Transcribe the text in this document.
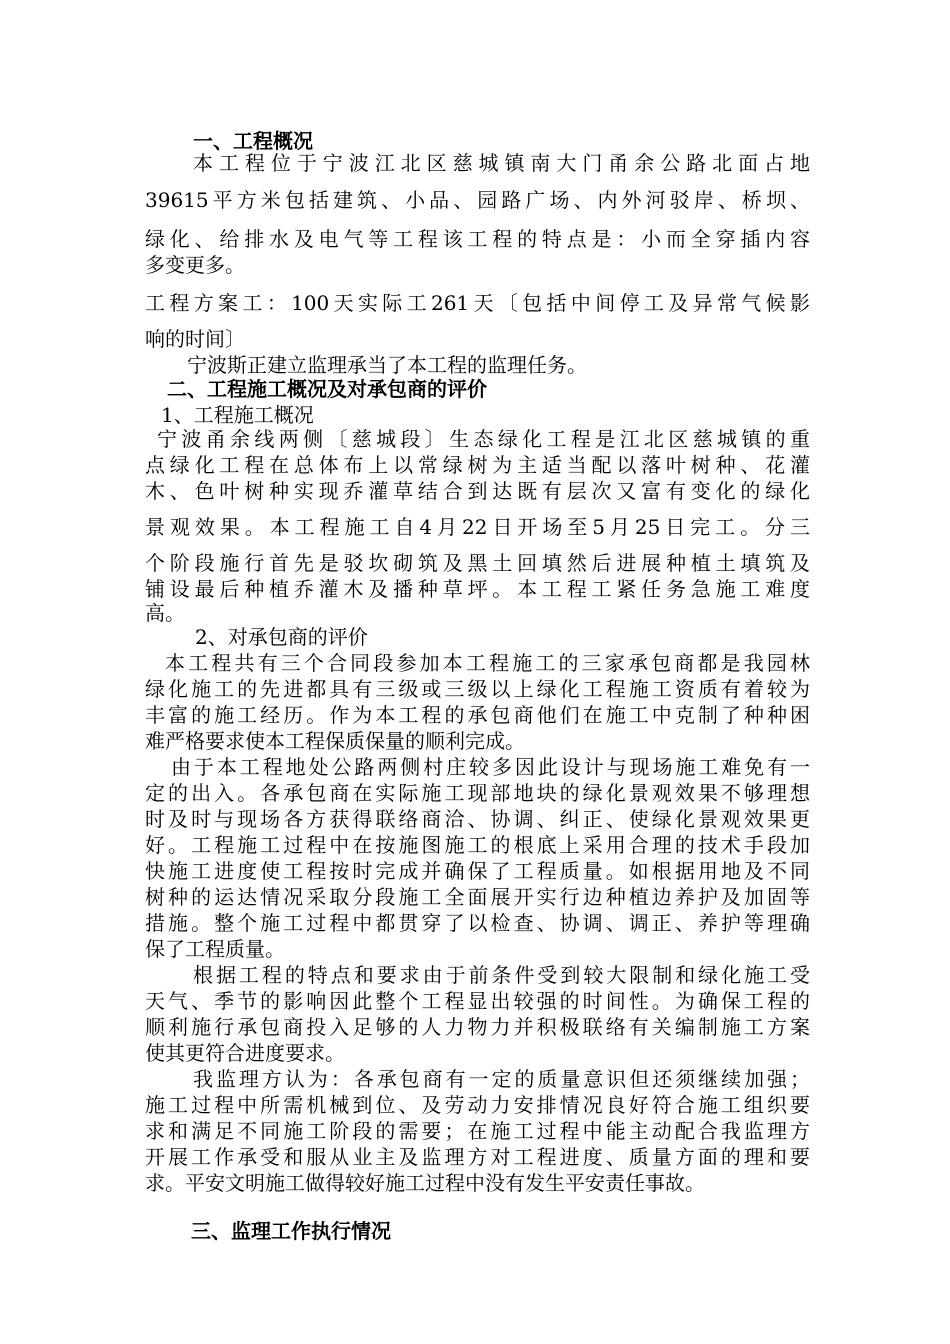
一、工程概况
本工程位于宁波江北区慈城镇南大门甬余公路北面占地
39615平方米包括建筑、小品、园路广场、内外河驳岸、桥坝、
绿化、给排水及电气等工程该工程的特点是：小而全穿插内容
多变更多。
工程方案工：100天实际工261天〔包括中间停工及异常气候影
响的时间〕
宁波斯正建立监理承当了本工程的监理任务。
二、工程施工概况及对承包商的评价
1、工程施工概况
宁波甬余线两侧〔慈城段〕生态绿化工程是江北区慈城镇的重
点绿化工程在总体布上以常绿树为主适当配以落叶树种、花灌
木、色叶树种实现乔灌草结合到达既有层次又富有变化的绿化
景观效果。本工程施工自4月22日开场至5月25日完工。分三
个阶段施行首先是驳坎砌筑及黑土回填然后进展种植土填筑及
铺设最后种植乔灌木及播种草坪。本工程工紧任务急施工难度
高。
2、对承包商的评价
本工程共有三个合同段参加本工程施工的三家承包商都是我园林
绿化施工的先进都具有三级或三级以上绿化工程施工资质有着较为
丰富的施工经历。作为本工程的承包商他们在施工中克制了种种困
难严格要求使本工程保质保量的顺利完成。
由于本工程地处公路两侧村庄较多因此设计与现场施工难免有一
定的出入。各承包商在实际施工现部地块的绿化景观效果不够理想
时及时与现场各方获得联络商洽、协调、纠正、使绿化景观效果更
好。工程施工过程中在按施图施工的根底上采用合理的技术手段加
快施工进度使工程按时完成并确保了工程质量。如根据用地及不同
树种的运达情况采取分段施工全面展开实行边种植边养护及加固等
措施。整个施工过程中都贯穿了以检查、协调、调正、养护等理确
保了工程质量。
根据工程的特点和要求由于前条件受到较大限制和绿化施工受
天气、季节的影响因此整个工程显出较强的时间性。为确保工程的
顺利施行承包商投入足够的人力物力并积极联络有关编制施工方案
使其更符合进度要求。
我监理方认为：各承包商有一定的质量意识但还须继续加强；
施工过程中所需机械到位、及劳动力安排情况良好符合施工组织要
求和满足不同施工阶段的需要；在施工过程中能主动配合我监理方
开展工作承受和服从业主及监理方对工程进度、质量方面的理和要
求。平安文明施工做得较好施工过程中没有发生平安责任事故。
三、监理工作执行情况
